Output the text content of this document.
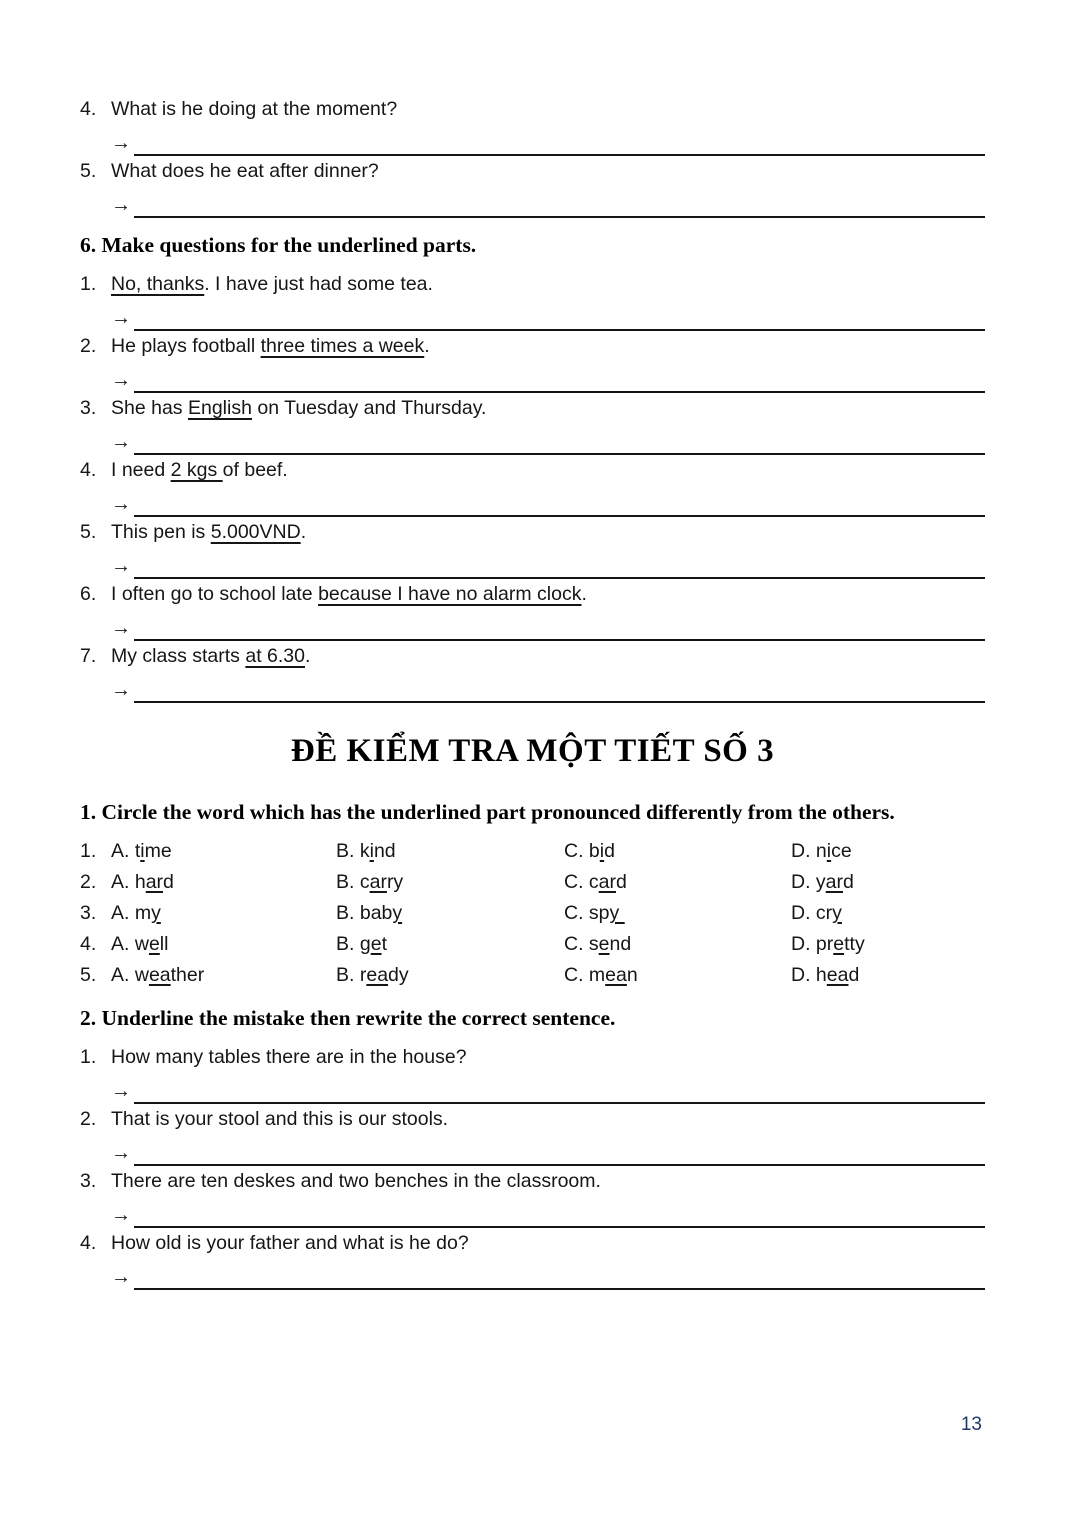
4. What is he doing at the moment?
→
5. What does he eat after dinner?
→
6. Make questions for the underlined parts.
1. No, thanks. I have just had some tea.
→
2. He plays football three times a week.
→
3. She has English on Tuesday and Thursday.
→
4. I need 2 kgs of beef.
→
5. This pen is 5.000VND.
→
6. I often go to school late because I have no alarm clock.
→
7. My class starts at 6.30.
→
ĐỀ KIỂM TRA MỘT TIẾT SỐ 3
1. Circle the word which has the underlined part pronounced differently from the others.
1. A. time	B. kind	C. bid	D. nice
2. A. hard	B. carry	C. card	D. yard
3. A. my	B. baby	C. spy	D. cry
4. A. well	B. get	C. send	D. pretty
5. A. weather	B. ready	C. mean	D. head
2. Underline the mistake then rewrite the correct sentence.
1. How many tables there are in the house?
→
2. That is your stool and this is our stools.
→
3. There are ten deskes and two benches in the classroom.
→
4. How old is your father and what is he do?
→
13
